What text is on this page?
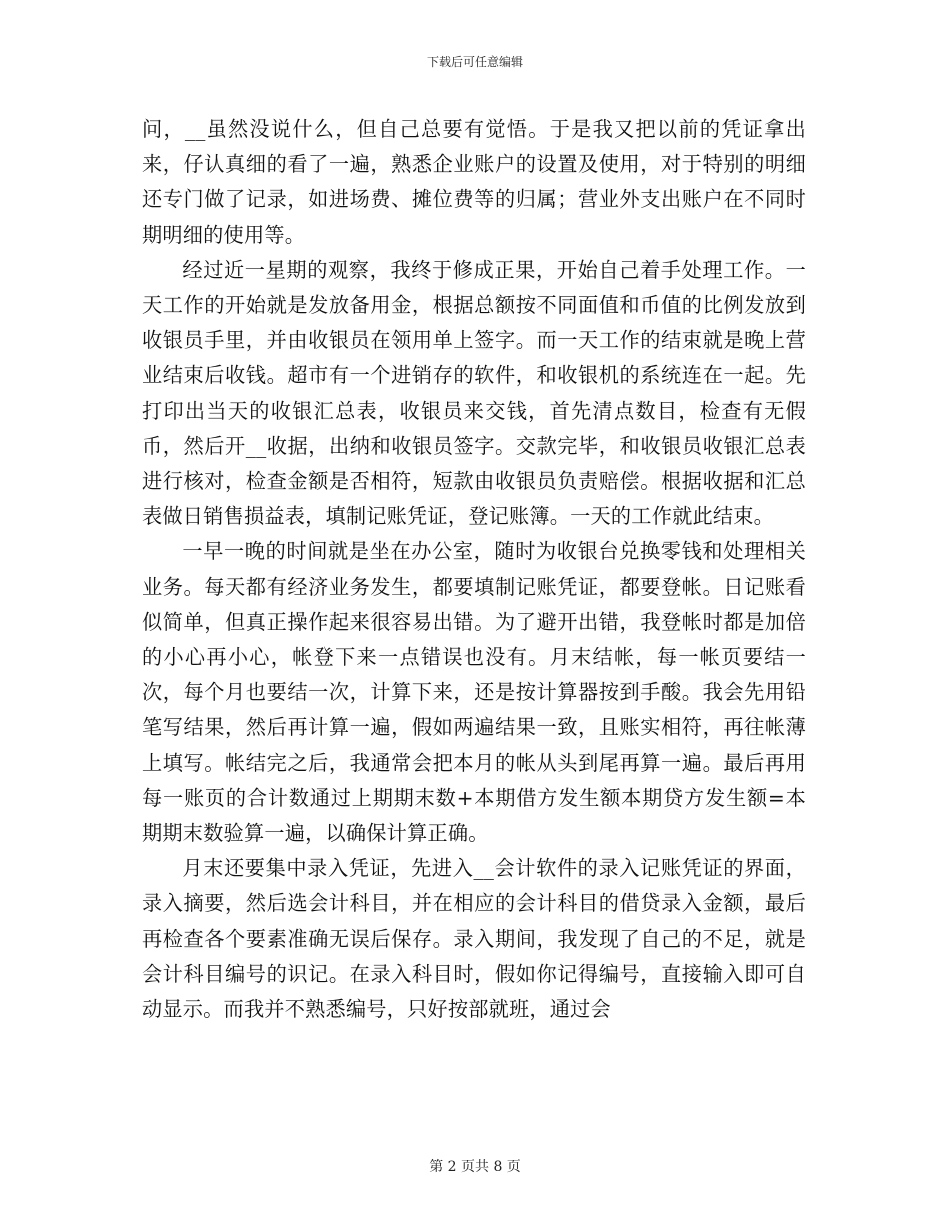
下载后可任意编辑

问，__虽然没说什么，但自己总要有觉悟。于是我又把以前的凭证拿出来，仔认真细的看了一遍，熟悉企业账户的设置及使用，对于特别的明细还专门做了记录，如进场费、摊位费等的归属；营业外支出账户在不同时期明细的使用等。

经过近一星期的观察，我终于修成正果，开始自己着手处理工作。一天工作的开始就是发放备用金，根据总额按不同面值和币值的比例发放到收银员手里，并由收银员在领用单上签字。而一天工作的结束就是晚上营业结束后收钱。超市有一个进销存的软件，和收银机的系统连在一起。先打印出当天的收银汇总表，收银员来交钱，首先清点数目，检查有无假币，然后开__收据，出纳和收银员签字。交款完毕，和收银员收银汇总表进行核对，检查金额是否相符，短款由收银员负责赔偿。根据收据和汇总表做日销售损益表，填制记账凭证，登记账簿。一天的工作就此结束。

一早一晚的时间就是坐在办公室，随时为收银台兑换零钱和处理相关业务。每天都有经济业务发生，都要填制记账凭证，都要登帐。日记账看似简单，但真正操作起来很容易出错。为了避开出错，我登帐时都是加倍的小心再小心，帐登下来一点错误也没有。月末结帐，每一帐页要结一次，每个月也要结一次，计算下来，还是按计算器按到手酸。我会先用铅笔写结果，然后再计算一遍，假如两遍结果一致，且账实相符，再往帐薄上填写。帐结完之后，我通常会把本月的帐从头到尾再算一遍。最后再用每一账页的合计数通过上期期末数+本期借方发生额本期贷方发生额=本期期末数验算一遍，以确保计算正确。

月末还要集中录入凭证，先进入__会计软件的录入记账凭证的界面，录入摘要，然后选会计科目，并在相应的会计科目的借贷录入金额，最后再检查各个要素准确无误后保存。录入期间，我发现了自己的不足，就是会计科目编号的识记。在录入科目时，假如你记得编号，直接输入即可自动显示。而我并不熟悉编号，只好按部就班，通过会

第 2 页共 8 页
